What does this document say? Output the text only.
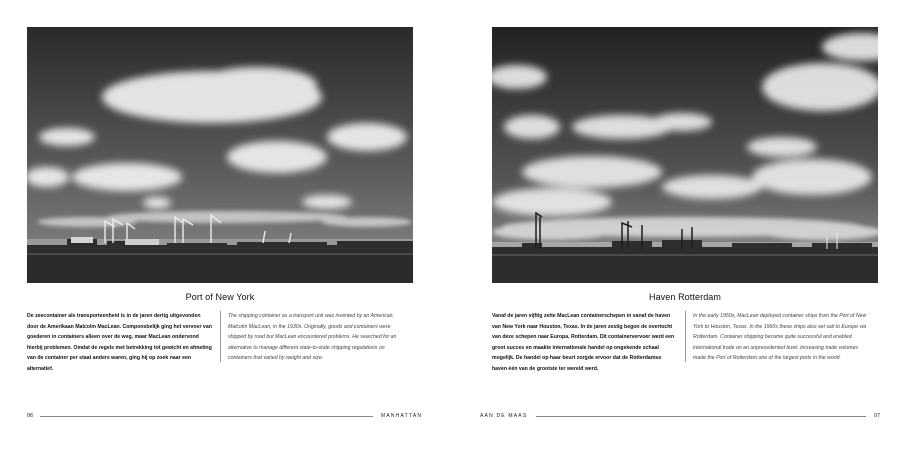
Port of New York
De zeecontainer als transporteenheid is in de jaren dertig uitgevonden door de Amerikaan Malcolm MacLean. Componsbelijk ging het vervoer van goederen in containers alleen over de weg, maar MacLean ondervond hierbij problemen. Omdat de regels met betrekking tot gewicht en afmeting van de container per staat anders waren, ging hij op zoek naar een alternatief.
The shipping container as a transport unit was invented by an American, Malcolm MacLean, in the 1930s. Originally, goods and containers were shipped by road but MacLean encountered problems. He searched for an alternative to manage different state-to-state shipping regulations on containers that varied by weight and size.
06	MANHATTAN
Haven Rotterdam
Vanaf de jaren vijftig zette MacLean containerschepen in vanaf de haven van New York naar Houston, Texas. In de jaren zestig begon de overtocht van deze schepen naar Europa, Rotterdam. Dit containervervoer werd een groot succes en maakte internationale handel op ongekende schaal mogelijk. De handel op haar beurt zorgde ervoor dat de Rotterdamse haven één van de grootste ter wereld werd.
In the early 1950s, MacLean deployed container ships from the Port of New York to Houston, Texas. In the 1960s these ships also set sail to Europe via Rotterdam. Container shipping became quite successful and enabled international trade on an unprecedented level. Increasing trade volumes made the Port of Rotterdam one of the largest ports in the world.
AAN DE MAAS	07
